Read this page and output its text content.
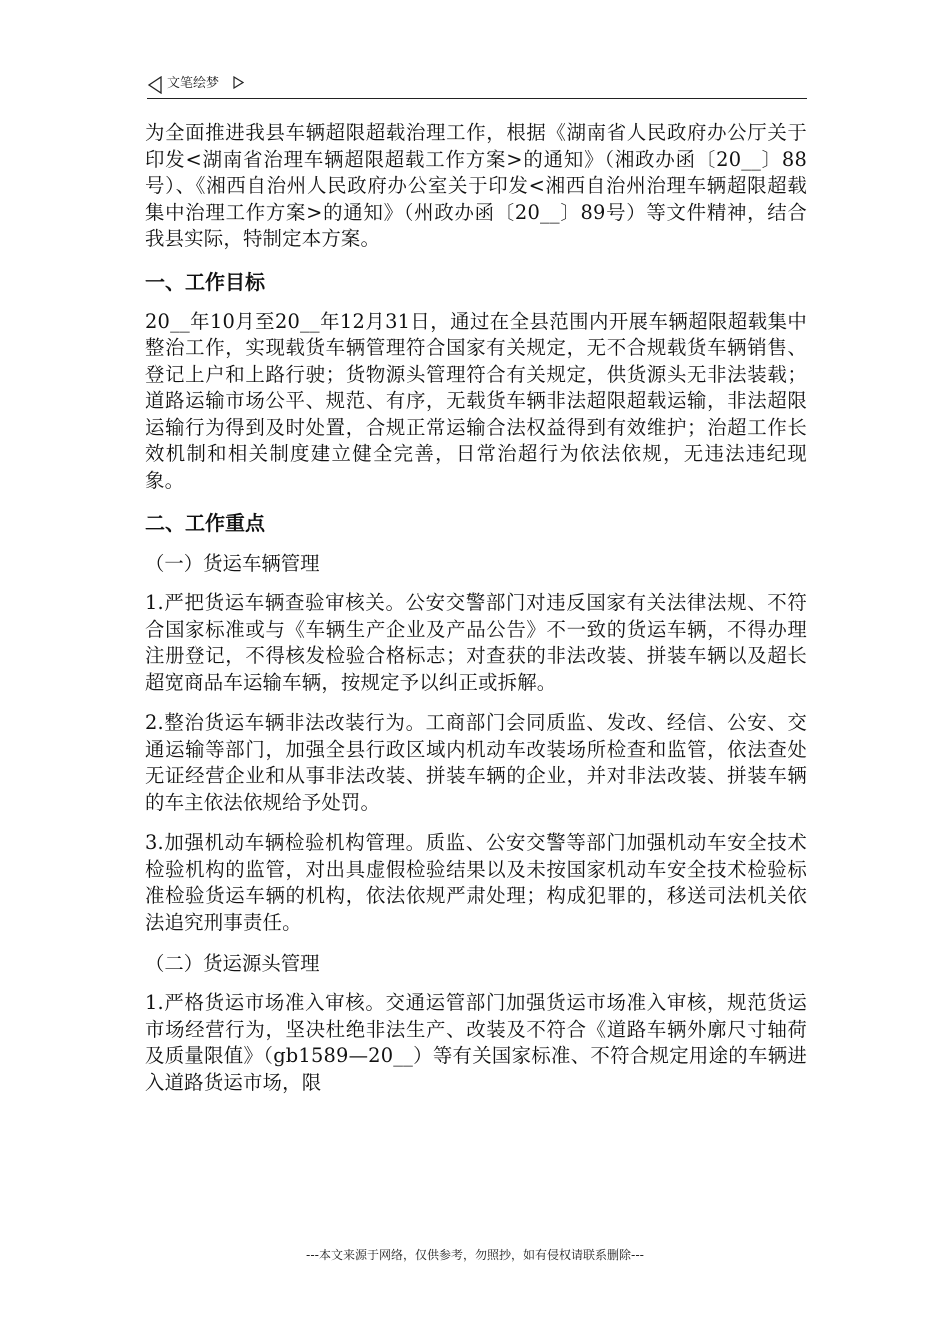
文笔绘梦

为全面推进我县车辆超限超载治理工作，根据《湖南省人民政府办公厅关于印发<湖南省治理车辆超限超载工作方案>的通知》（湘政办函〔20__〕88号）、《湘西自治州人民政府办公室关于印发<湘西自治州治理车辆超限超载集中治理工作方案>的通知》（州政办函〔20__〕89号）等文件精神，结合我县实际，特制定本方案。

一、工作目标

20__年10月至20__年12月31日，通过在全县范围内开展车辆超限超载集中整治工作，实现载货车辆管理符合国家有关规定，无不合规载货车辆销售、登记上户和上路行驶；货物源头管理符合有关规定，供货源头无非法装载；道路运输市场公平、规范、有序，无载货车辆非法超限超载运输，非法超限运输行为得到及时处置，合规正常运输合法权益得到有效维护；治超工作长效机制和相关制度建立健全完善，日常治超行为依法依规，无违法违纪现象。

二、工作重点
（一）货运车辆管理

1.严把货运车辆查验审核关。公安交警部门对违反国家有关法律法规、不符合国家标准或与《车辆生产企业及产品公告》不一致的货运车辆，不得办理注册登记，不得核发检验合格标志；对查获的非法改装、拼装车辆以及超长超宽商品车运输车辆，按规定予以纠正或拆解。

2.整治货运车辆非法改装行为。工商部门会同质监、发改、经信、公安、交通运输等部门，加强全县行政区域内机动车改装场所检查和监管，依法查处无证经营企业和从事非法改装、拼装车辆的企业，并对非法改装、拼装车辆的车主依法依规给予处罚。

3.加强机动车辆检验机构管理。质监、公安交警等部门加强机动车安全技术检验机构的监管，对出具虚假检验结果以及未按国家机动车安全技术检验标准检验货运车辆的机构，依法依规严肃处理；构成犯罪的，移送司法机关依法追究刑事责任。

（二）货运源头管理

1.严格货运市场准入审核。交通运管部门加强货运市场准入审核，规范货运市场经营行为，坚决杜绝非法生产、改装及不符合《道路车辆外廓尺寸轴荷及质量限值》（gb1589—20__）等有关国家标准、不符合规定用途的车辆进入道路货运市场，限

---本文来源于网络，仅供参考，勿照抄，如有侵权请联系删除---
